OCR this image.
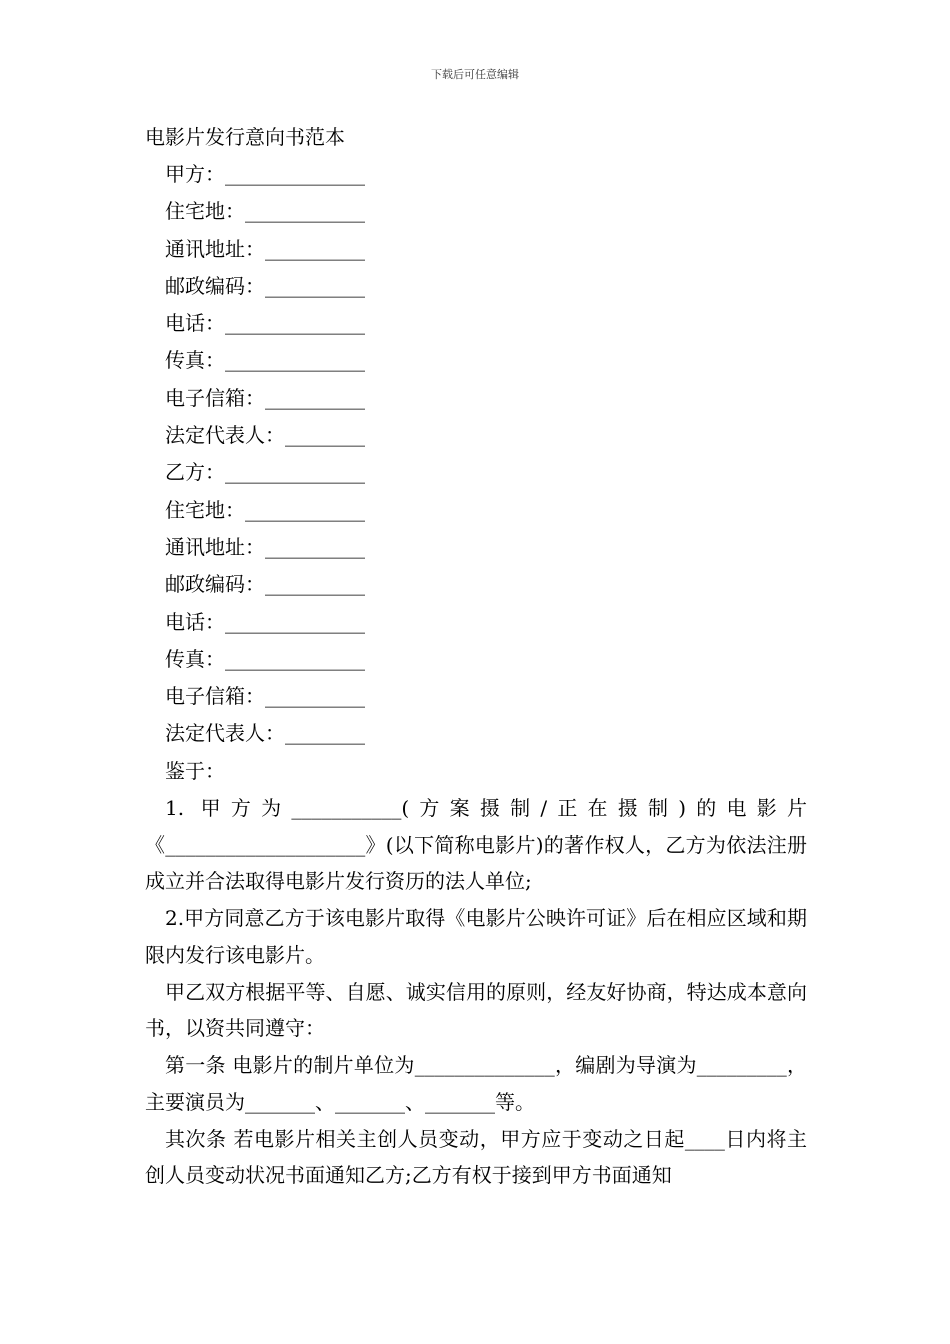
下载后可任意编辑
电影片发行意向书范本
甲方：______________
住宅地：____________
通讯地址：__________
邮政编码：__________
电话：______________
传真：______________
电子信箱：__________
法定代表人：________
乙方：______________
住宅地：____________
通讯地址：__________
邮政编码：__________
电话：______________
传真：______________
电子信箱：__________
法定代表人：________
鉴于：

1. 甲方为___________(方案摄制/正在摄制)的电影片《____________________》(以下简称电影片)的著作权人，乙方为依法注册成立并合法取得电影片发行资历的法人单位;

2.甲方同意乙方于该电影片取得《电影片公映许可证》后在相应区域和期限内发行该电影片。

甲乙双方根据平等、自愿、诚实信用的原则，经友好协商，特达成本意向书，以资共同遵守：

第一条 电影片的制片单位为______________，编剧为导演为_________，主要演员为_______、_______、_______等。

其次条 若电影片相关主创人员变动，甲方应于变动之日起____日内将主创人员变动状况书面通知乙方;乙方有权于接到甲方书面通知
